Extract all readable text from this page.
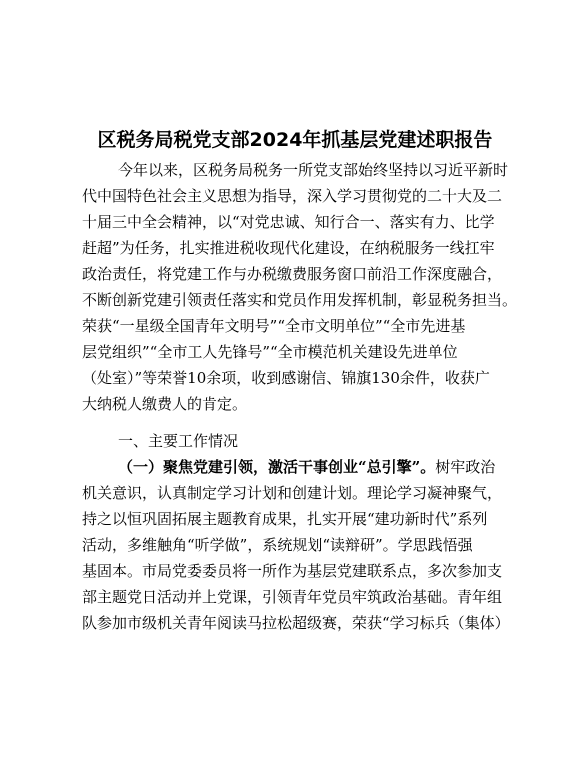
区税务局税党支部2024年抓基层党建述职报告
今年以来，区税务局税务一所党支部始终坚持以习近平新时
代中国特色社会主义思想为指导，深入学习贯彻党的二十大及二
十届三中全会精神，以“对党忠诚、知行合一、落实有力、比学
赶超”为任务，扎实推进税收现代化建设，在纳税服务一线扛牢
政治责任，将党建工作与办税缴费服务窗口前沿工作深度融合，
不断创新党建引领责任落实和党员作用发挥机制，彰显税务担当。
荣获“一星级全国青年文明号”“全市文明单位”“全市先进基
层党组织”“全市工人先锋号”“全市模范机关建设先进单位
（处室）”等荣誉10余项，收到感谢信、锦旗130余件，收获广
大纳税人缴费人的肯定。
一、主要工作情况
（一）聚焦党建引领，激活干事创业“总引擎”。树牢政治
机关意识，认真制定学习计划和创建计划。理论学习凝神聚气，
持之以恒巩固拓展主题教育成果，扎实开展“建功新时代”系列
活动，多维触角“听学做”，系统规划“读辩研”。学思践悟强
基固本。市局党委委员将一所作为基层党建联系点，多次参加支
部主题党日活动并上党课，引领青年党员牢筑政治基础。青年组
队参加市级机关青年阅读马拉松超级赛，荣获“学习标兵（集体）
